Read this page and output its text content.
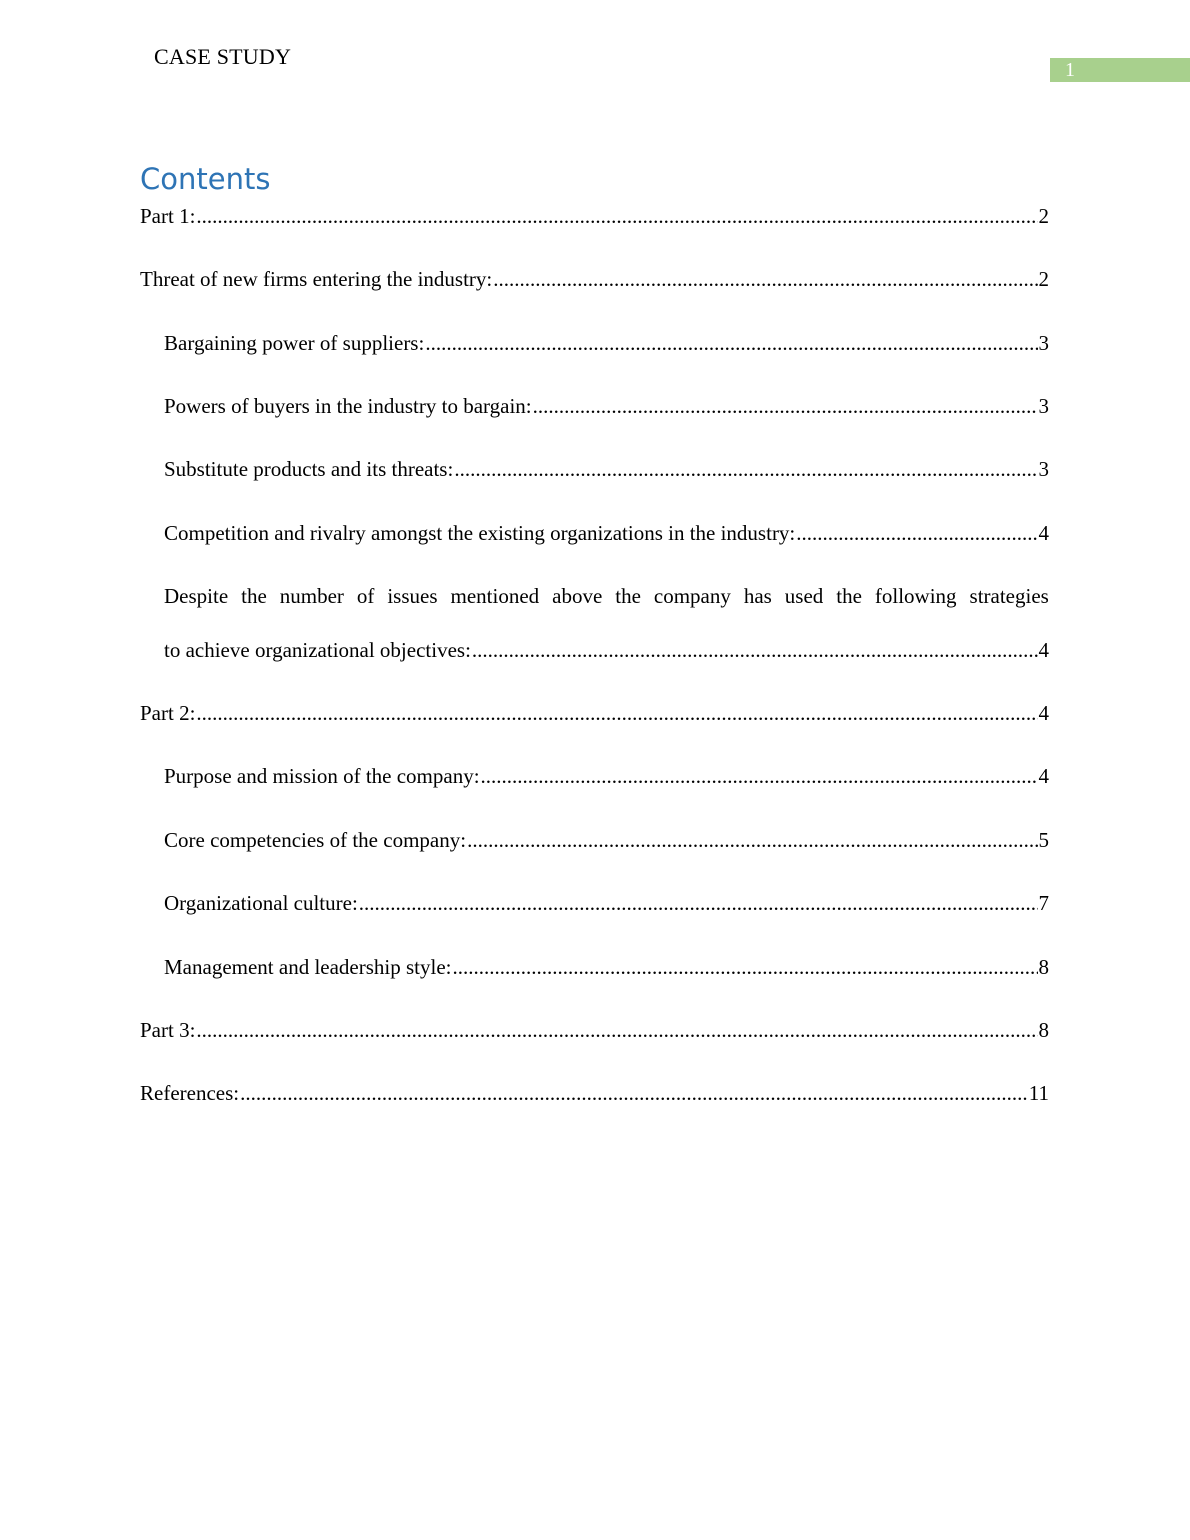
CASE STUDY
1
Contents
Part 1: .....	2
Threat of new firms entering the industry: .....	2
Bargaining power of suppliers: .....	3
Powers of buyers in the industry to bargain: .....	3
Substitute products and its threats: .....	3
Competition and rivalry amongst the existing organizations in the industry: .....	4
Despite the number of issues mentioned above the company has used the following strategies
to achieve organizational objectives: .....	4
Part 2: .....	4
Purpose and mission of the company: .....	4
Core competencies of the company: .....	5
Organizational culture: .....	7
Management and leadership style: .....	8
Part 3: .....	8
References: .....	11
